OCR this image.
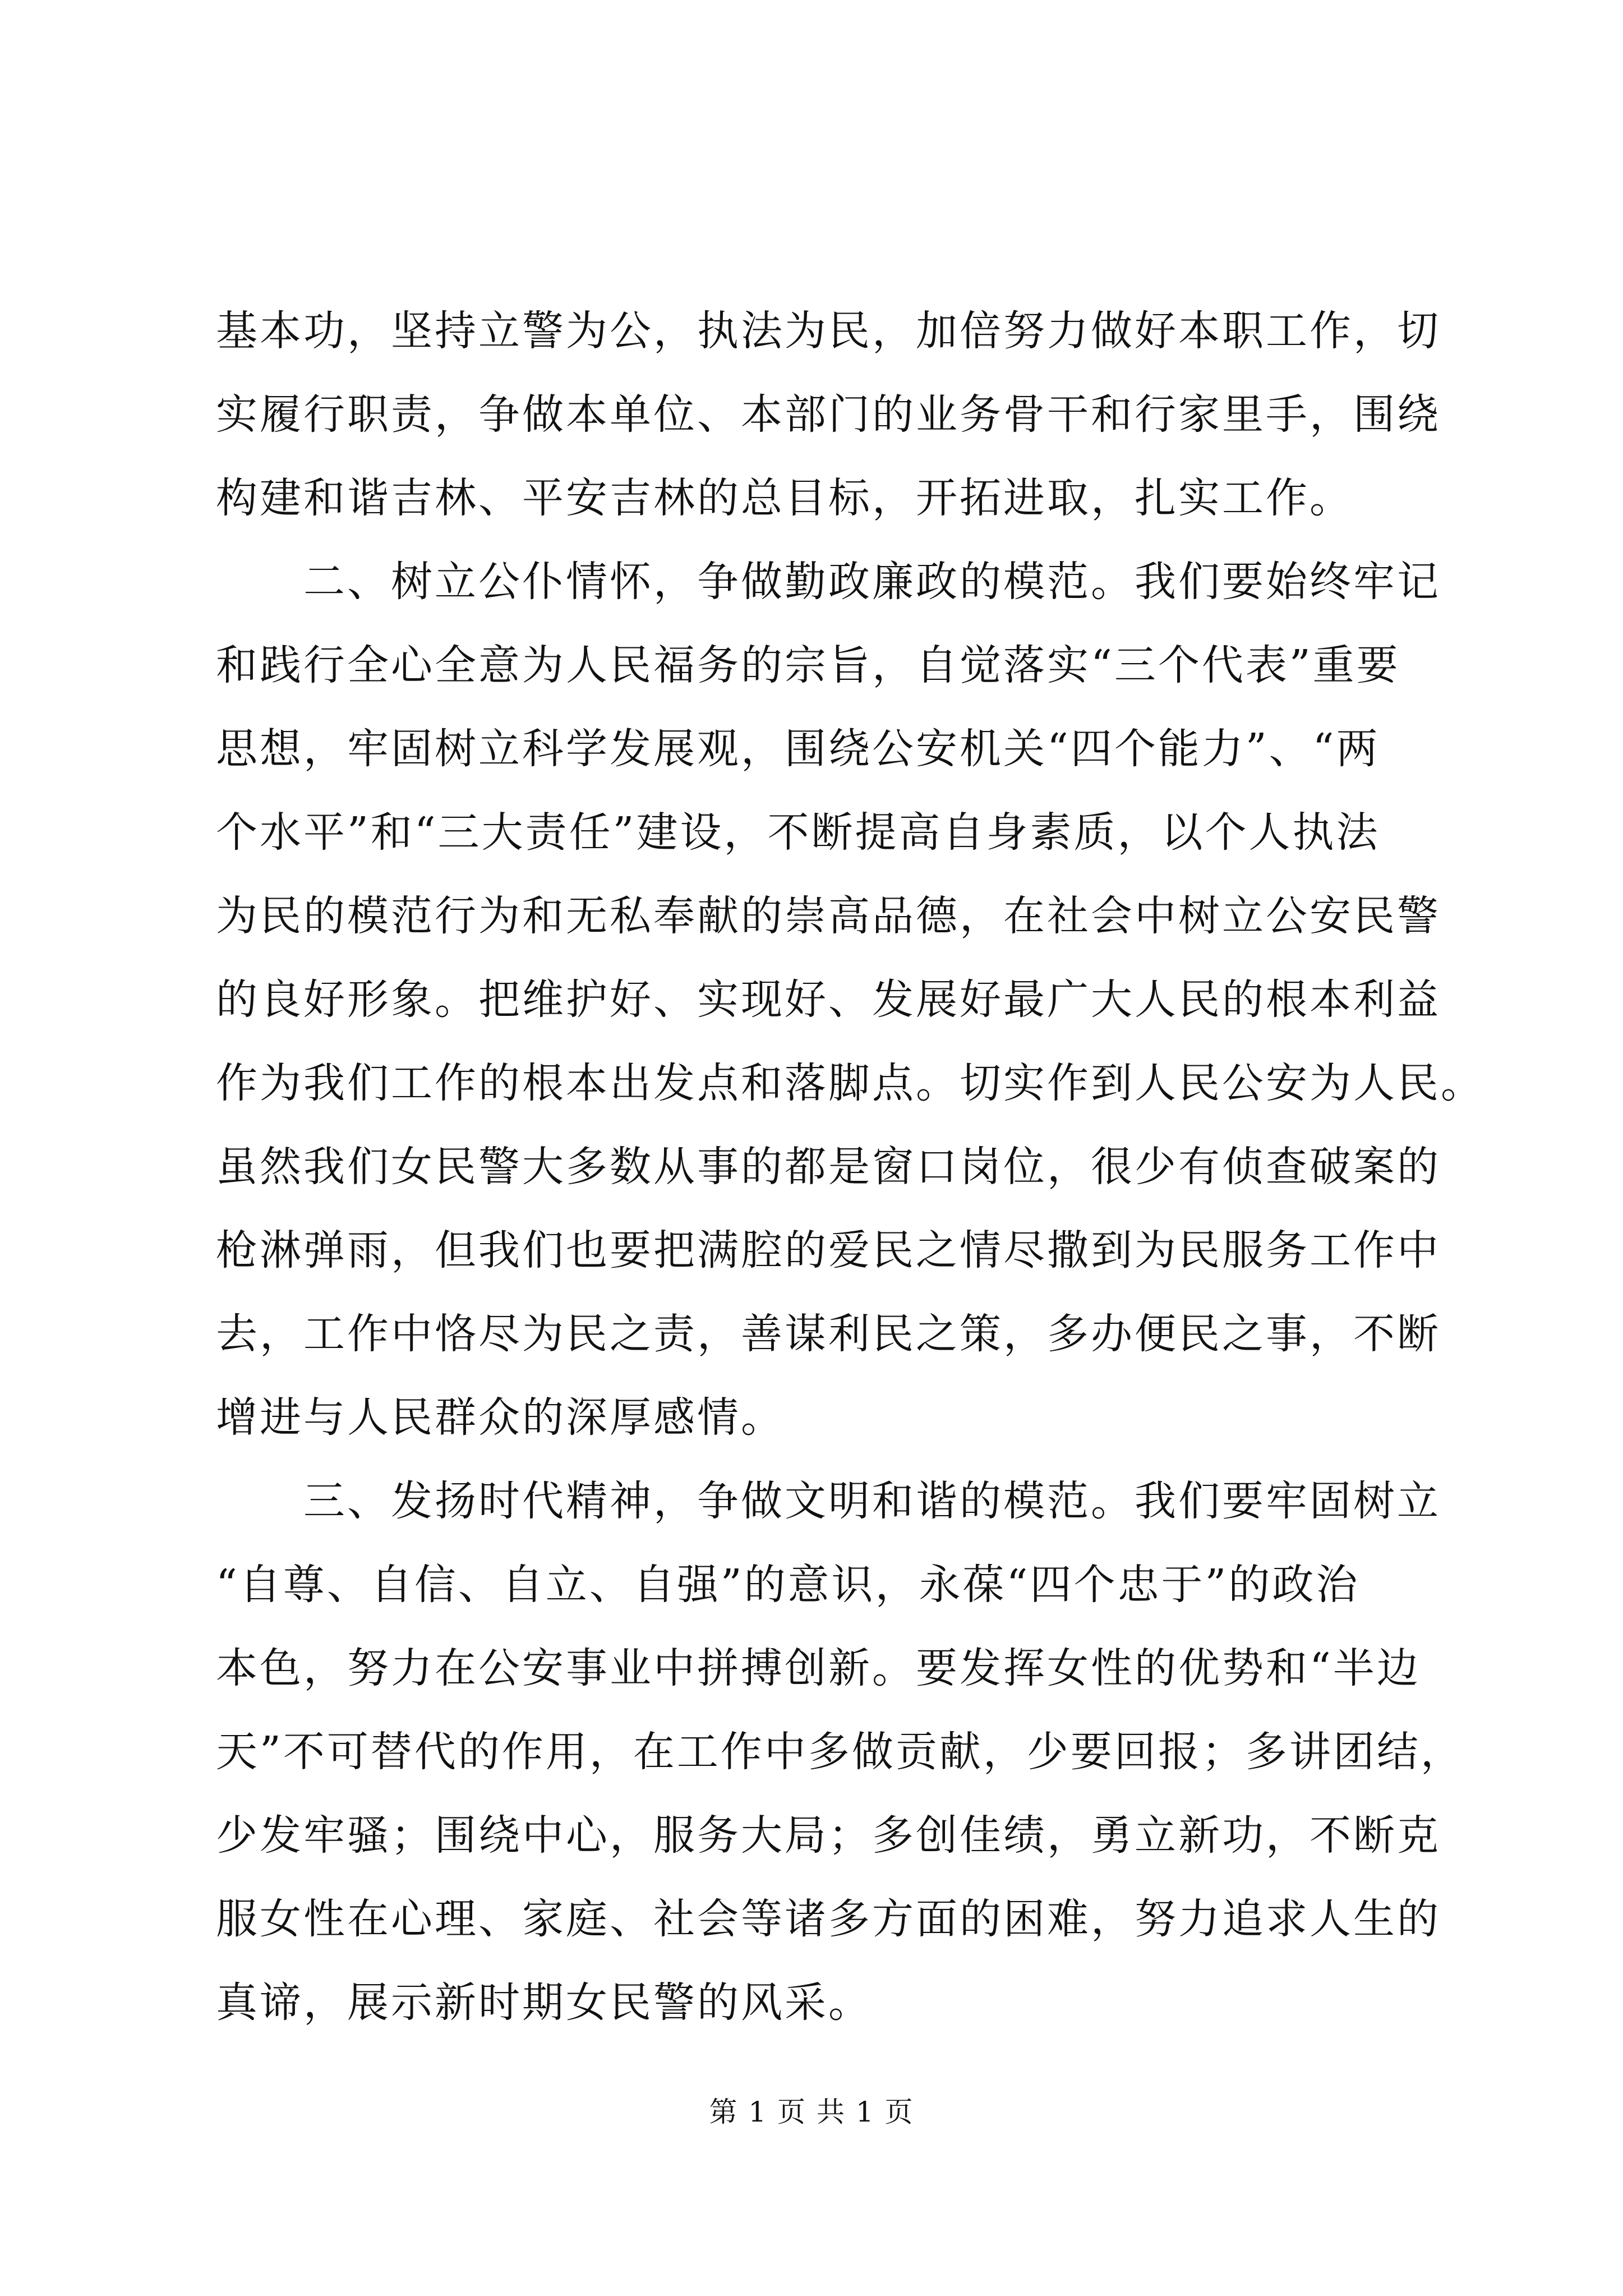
基本功，坚持立警为公，执法为民，加倍努力做好本职工作，切
实履行职责，争做本单位、本部门的业务骨干和行家里手，围绕
构建和谐吉林、平安吉林的总目标，开拓进取，扎实工作。
　　二、树立公仆情怀，争做勤政廉政的模范。我们要始终牢记
和践行全心全意为人民福务的宗旨，自觉落实“三个代表”重要
思想，牢固树立科学发展观，围绕公安机关“四个能力”、“两
个水平”和“三大责任”建设，不断提高自身素质，以个人执法
为民的模范行为和无私奉献的崇高品德，在社会中树立公安民警
的良好形象。把维护好、实现好、发展好最广大人民的根本利益
作为我们工作的根本出发点和落脚点。切实作到人民公安为人民。
虽然我们女民警大多数从事的都是窗口岗位，很少有侦查破案的
枪淋弹雨，但我们也要把满腔的爱民之情尽撒到为民服务工作中
去，工作中恪尽为民之责，善谋利民之策，多办便民之事，不断
增进与人民群众的深厚感情。
　　三、发扬时代精神，争做文明和谐的模范。我们要牢固树立
“自尊、自信、自立、自强”的意识，永葆“四个忠于”的政治
本色，努力在公安事业中拼搏创新。要发挥女性的优势和“半边
天”不可替代的作用，在工作中多做贡献，少要回报；多讲团结，
少发牢骚；围绕中心，服务大局；多创佳绩，勇立新功，不断克
服女性在心理、家庭、社会等诸多方面的困难，努力追求人生的
真谛，展示新时期女民警的风采。
第 1 页 共 1 页
